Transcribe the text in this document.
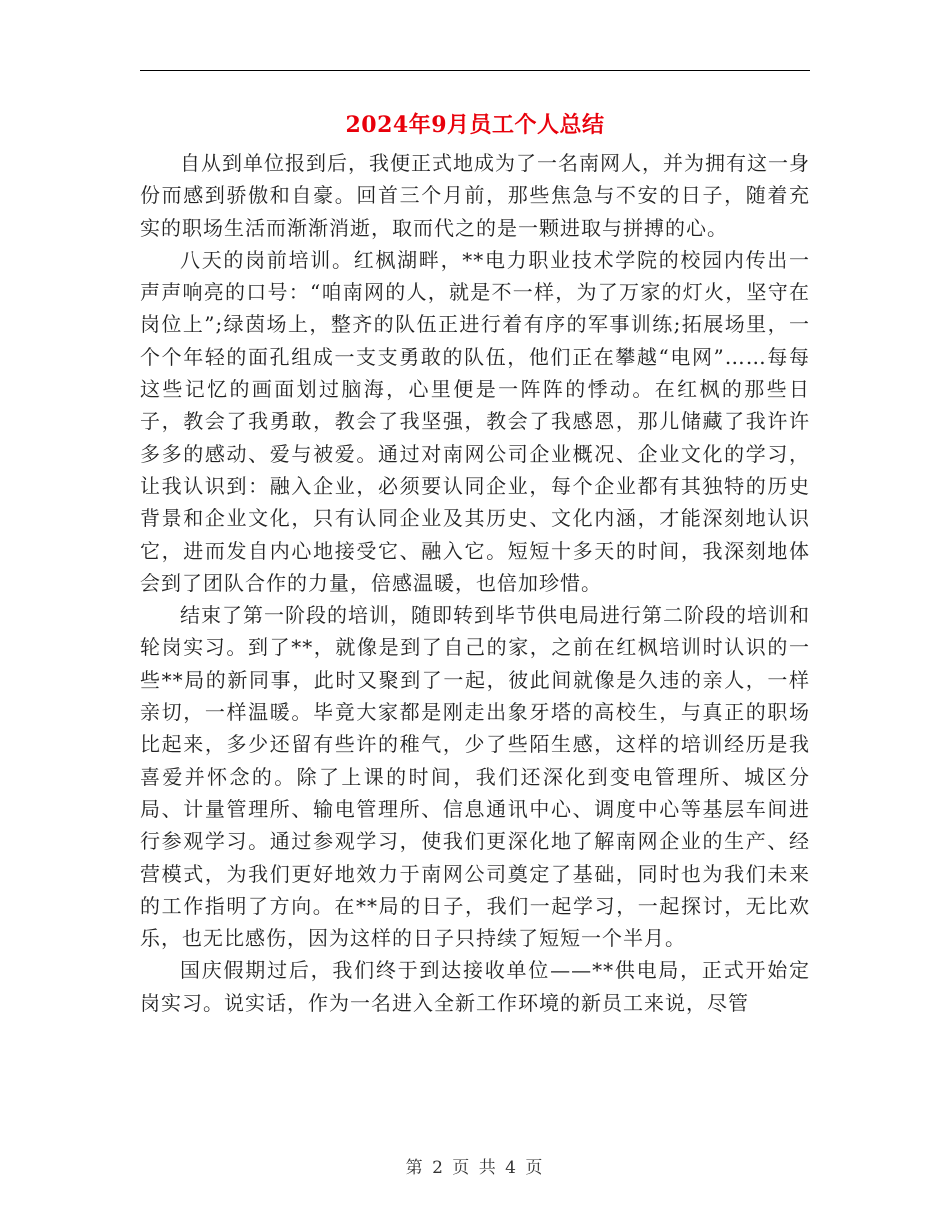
2024年9月员工个人总结

自从到单位报到后，我便正式地成为了一名南网人，并为拥有这一身份而感到骄傲和自豪。回首三个月前，那些焦急与不安的日子，随着充实的职场生活而渐渐消逝，取而代之的是一颗进取与拼搏的心。

八天的岗前培训。红枫湖畔，**电力职业技术学院的校园内传出一声声响亮的口号：“咱南网的人，就是不一样，为了万家的灯火，坚守在岗位上”;绿茵场上，整齐的队伍正进行着有序的军事训练;拓展场里，一个个年轻的面孔组成一支支勇敢的队伍，他们正在攀越“电网”……每每这些记忆的画面划过脑海，心里便是一阵阵的悸动。在红枫的那些日子，教会了我勇敢，教会了我坚强，教会了我感恩，那儿储藏了我许许多多的感动、爱与被爱。通过对南网公司企业概况、企业文化的学习，让我认识到：融入企业，必须要认同企业，每个企业都有其独特的历史背景和企业文化，只有认同企业及其历史、文化内涵，才能深刻地认识它，进而发自内心地接受它、融入它。短短十多天的时间，我深刻地体会到了团队合作的力量，倍感温暖，也倍加珍惜。

结束了第一阶段的培训，随即转到毕节供电局进行第二阶段的培训和轮岗实习。到了**，就像是到了自己的家，之前在红枫培训时认识的一些**局的新同事，此时又聚到了一起，彼此间就像是久违的亲人，一样亲切，一样温暖。毕竟大家都是刚走出象牙塔的高校生，与真正的职场比起来，多少还留有些许的稚气，少了些陌生感，这样的培训经历是我喜爱并怀念的。除了上课的时间，我们还深化到变电管理所、城区分局、计量管理所、输电管理所、信息通讯中心、调度中心等基层车间进行参观学习。通过参观学习，使我们更深化地了解南网企业的生产、经营模式，为我们更好地效力于南网公司奠定了基础，同时也为我们未来的工作指明了方向。在**局的日子，我们一起学习，一起探讨，无比欢乐，也无比感伤，因为这样的日子只持续了短短一个半月。

国庆假期过后，我们终于到达接收单位——**供电局，正式开始定岗实习。说实话，作为一名进入全新工作环境的新员工来说，尽管

第 2 页 共 4 页
